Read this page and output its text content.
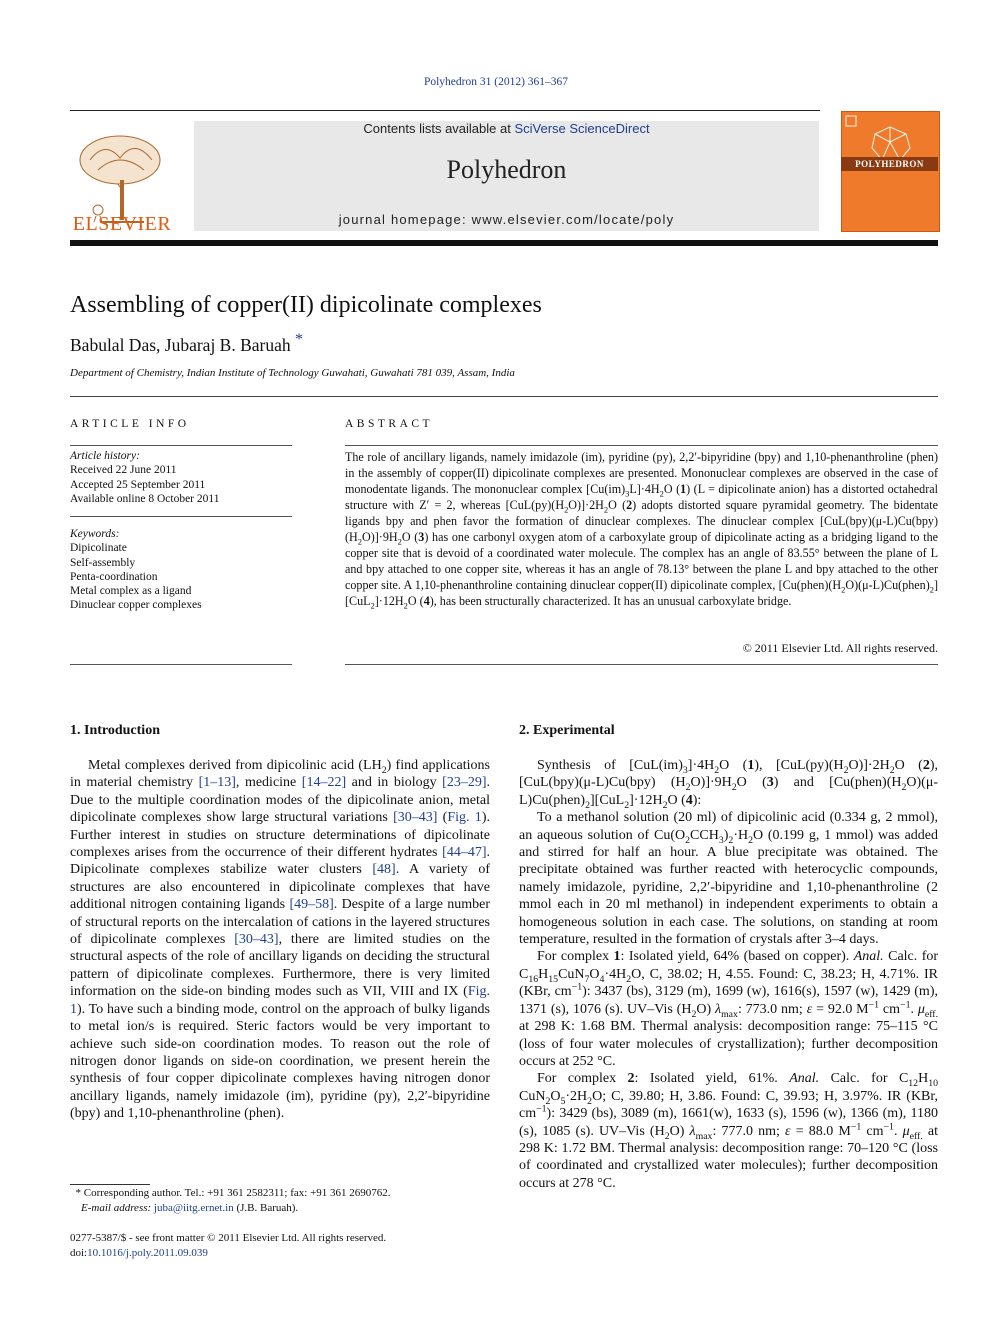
Polyhedron 31 (2012) 361–367
ELSEVIER
Contents lists available at SciVerse ScienceDirect
Polyhedron
journal homepage: www.elsevier.com/locate/poly
POLYHEDRON
Assembling of copper(II) dipicolinate complexes
Babulal Das, Jubaraj B. Baruah *
Department of Chemistry, Indian Institute of Technology Guwahati, Guwahati 781 039, Assam, India
ARTICLE INFO	ABSTRACT
Article history:
Received 22 June 2011
Accepted 25 September 2011
Available online 8 October 2011
Keywords:
Dipicolinate
Self-assembly
Penta-coordination
Metal complex as a ligand
Dinuclear copper complexes
The role of ancillary ligands, namely imidazole (im), pyridine (py), 2,2′-bipyridine (bpy) and 1,10-phenanthroline (phen) in the assembly of copper(II) dipicolinate complexes are presented. Mononuclear complexes are observed in the case of monodentate ligands. The mononuclear complex $[Cu(im)_3L]\cdot 4H_2O$ (1) (L = dipicolinate anion) has a distorted octahedral structure with Z′ = 2, whereas $[CuL(py)(H_2O)]\cdot 2H_2O$ (2) adopts distorted square pyramidal geometry. The bidentate ligands bpy and phen favor the formation of dinuclear complexes. The dinuclear complex $[CuL(bpy)(\mu-L)Cu(bpy)(H_2O)]\cdot 9H_2O$ (3) has one carbonyl oxygen atom of a carboxylate group of dipicolinate acting as a bridging ligand to the copper site that is devoid of a coordinated water molecule. The complex has an angle of 83.55° between the plane of L and bpy attached to one copper site, whereas it has an angle of 78.13° between the plane L and bpy attached to the other copper site. A 1,10-phenanthroline containing dinuclear copper(II) dipicolinate complex, $[Cu(phen)(H_2O)(\mu-L)Cu(phen)_2][CuL_2]\cdot 12H_2O$ (4), has been structurally characterized. It has an unusual carboxylate bridge.
© 2011 Elsevier Ltd. All rights reserved.
1. Introduction	2. Experimental

Metal complexes derived from dipicolinic acid $(LH_2)$ find applications in material chemistry [1–13], medicine [14–22] and in biology [23–29]. Due to the multiple coordination modes of the dipicolinate anion, metal dipicolinate complexes show large structural variations [30–43] (Fig. 1). Further interest in studies on structure determinations of dipicolinate complexes arises from the occurrence of their different hydrates [44–47]. Dipicolinate complexes stabilize water clusters [48]. A variety of structures are also encountered in dipicolinate complexes that have additional nitrogen containing ligands [49–58]. Despite of a large number of structural reports on the intercalation of cations in the layered structures of dipicolinate complexes [30–43], there are limited studies on the structural aspects of the role of ancillary ligands on deciding the structural pattern of dipicolinate complexes. Furthermore, there is very limited information on the side-on binding modes such as VII, VIII and IX (Fig. 1). To have such a binding mode, control on the approach of bulky ligands to metal ion/s is required. Steric factors would be very important to achieve such side-on coordination modes. To reason out the role of nitrogen donor ligands on side-on coordination, we present herein the synthesis of four copper dipicolinate complexes having nitrogen donor ancillary ligands, namely imidazole (im), pyridine (py), 2,2′-bipyridine (bpy) and 1,10-phenanthroline (phen).

Synthesis of $[CuL(im)_3]\cdot 4H_2O$ (1), $[CuL(py)(H_2O)]\cdot 2H_2O$ (2), [CuL(bpy)(μ-L)Cu(bpy) $(H_2O)]\cdot 9H_2O$ (3) and $[Cu(phen)(H_2O)(\mu-L)Cu(phen)_2][CuL_2]\cdot 12H_2O$ (4):

To a methanol solution (20 ml) of dipicolinic acid (0.334 g, 2 mmol), an aqueous solution of $Cu(O_2CCH_3)_2\cdot H_2O$ (0.199 g, 1 mmol) was added and stirred for half an hour. A blue precipitate was obtained. The precipitate obtained was further reacted with heterocyclic compounds, namely imidazole, pyridine, 2,2′-bipyridine and 1,10-phenanthroline (2 mmol each in 20 ml methanol) in independent experiments to obtain a homogeneous solution in each case. The solutions, on standing at room temperature, resulted in the formation of crystals after 3–4 days.

For complex 1: Isolated yield, 64% (based on copper). Anal. Calc. for $C_{16}H_{15}CuN_7O_4\cdot 4H_2O$, C, 38.02; H, 4.55. Found: C, 38.23; H, 4.71%. IR (KBr, $cm^{-1}$): 3437 (bs), 3129 (m), 1699 (w), 1616(s), 1597 (w), 1429 (m), 1371 (s), 1076 (s). UV–Vis $(H_2O)$ $\lambda_{max}$: 773.0 nm; ε = 92.0 $M^{-1}$ $cm^{-1}$. $\mu_{eff.}$ at 298 K: 1.68 BM. Thermal analysis: decomposition range: 75–115 °C (loss of four water molecules of crystallization); further decomposition occurs at 252 °C.

For complex 2: Isolated yield, 61%. Anal. Calc. for $C_{12}H_{10}$ $CuN_2O_5\cdot 2H_2O$; C, 39.80; H, 3.86. Found: C, 39.93; H, 3.97%. IR (KBr, $cm^{-1}$): 3429 (bs), 3089 (m), 1661(w), 1633 (s), 1596 (w), 1366 (m), 1180 (s), 1085 (s). UV–Vis $(H_2O)$ $\lambda_{max}$: 777.0 nm; ε = 88.0 $M^{-1}$ $cm^{-1}$. $\mu_{eff.}$ at 298 K: 1.72 BM. Thermal analysis: decomposition range: 70–120 °C (loss of coordinated and crystallized water molecules); further decomposition occurs at 278 °C.

* Corresponding author. Tel.: +91 361 2582311; fax: +91 361 2690762.
E-mail address: juba@iitg.ernet.in (J.B. Baruah).
0277-5387/$ - see front matter © 2011 Elsevier Ltd. All rights reserved.
doi:10.1016/j.poly.2011.09.039
